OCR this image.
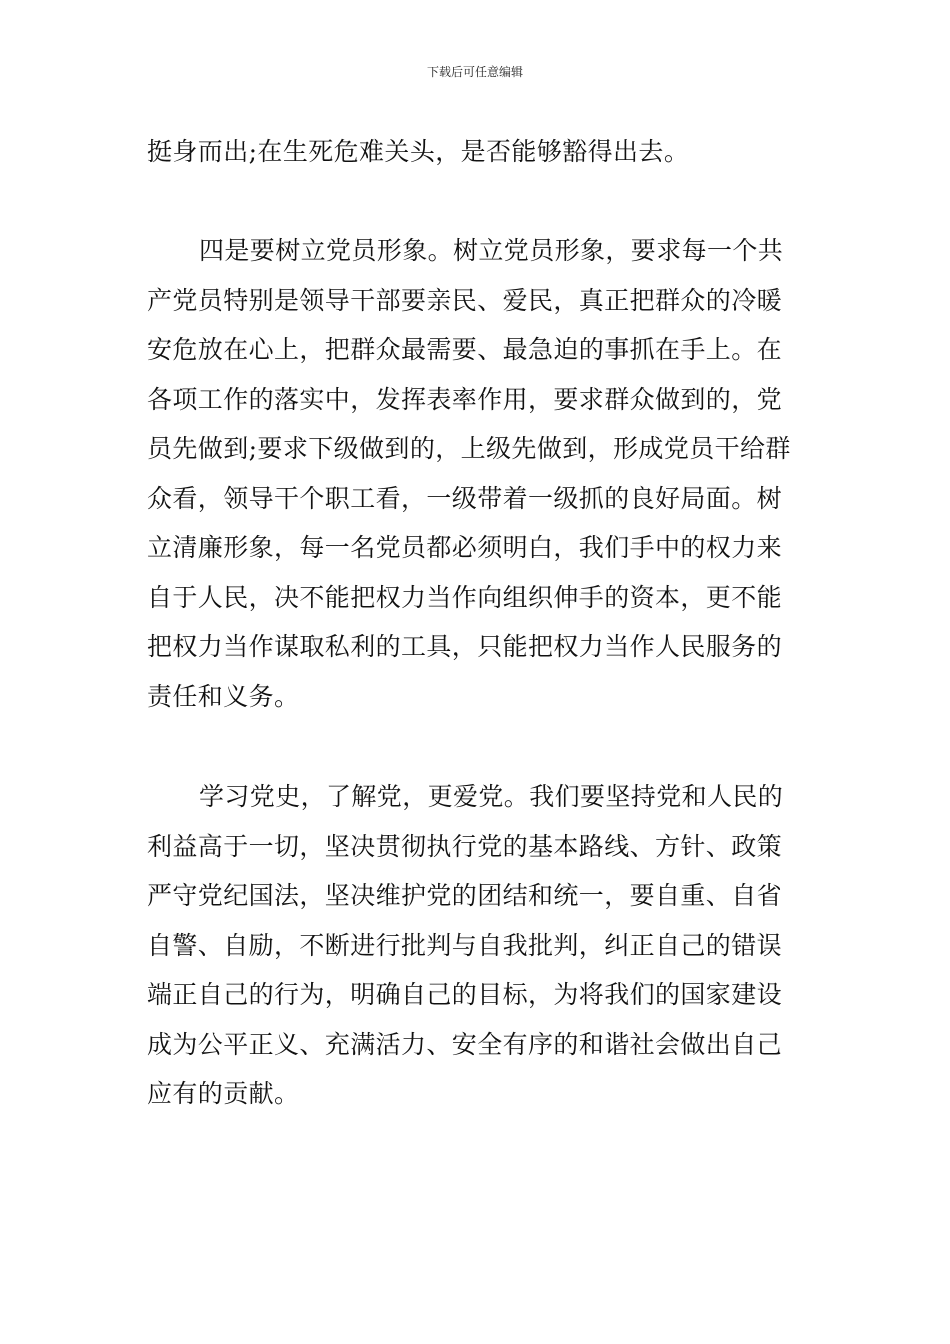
下载后可任意编辑
挺身而出;在生死危难关头，是否能够豁得出去。
四是要树立党员形象。树立党员形象，要求每一个共
产党员特别是领导干部要亲民、爱民，真正把群众的冷暖
安危放在心上，把群众最需要、最急迫的事抓在手上。在
各项工作的落实中，发挥表率作用，要求群众做到的，党
员先做到;要求下级做到的，上级先做到，形成党员干给群
众看，领导干个职工看，一级带着一级抓的良好局面。树
立清廉形象，每一名党员都必须明白，我们手中的权力来
自于人民，决不能把权力当作向组织伸手的资本，更不能
把权力当作谋取私利的工具，只能把权力当作人民服务的
责任和义务。
学习党史，了解党，更爱党。我们要坚持党和人民的
利益高于一切，坚决贯彻执行党的基本路线、方针、政策
严守党纪国法，坚决维护党的团结和统一，要自重、自省
自警、自励，不断进行批判与自我批判，纠正自己的错误
端正自己的行为，明确自己的目标，为将我们的国家建设
成为公平正义、充满活力、安全有序的和谐社会做出自己
应有的贡献。
